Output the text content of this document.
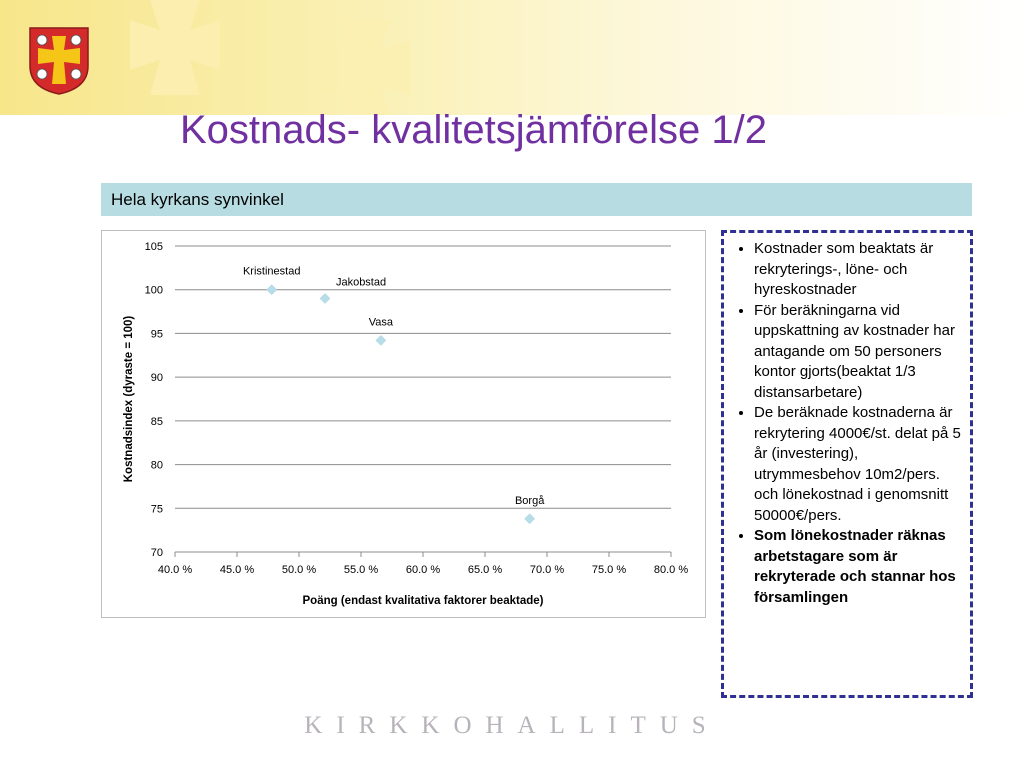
Kostnads- kvalitetsjämförelse 1/2
Hela kyrkans synvinkel
70
75
80
85
90
95
100
105
40.0 %	45.0 %	50.0 %	55.0 %	60.0 %	65.0 %	70.0 %	75.0 %	80.0 %
Poäng (endast kvalitativa faktorer beaktade)
Kostnadsindex (dyraste = 100)
Kristinestad
Jakobstad
Vasa
Borgå
• Kostnader som beaktats är rekryterings-, löne- och hyreskostnader
• För beräkningarna vid uppskattning av kostnader har antagande om 50 personers kontor gjorts(beaktat 1/3 distansarbetare)
• De beräknade kostnaderna är rekrytering 4000€/st. delat på 5 år (investering), utrymmesbehov 10m2/pers. och lönekostnad i genomsnitt 50000€/pers.
• Som lönekostnader räknas arbetstagare som är rekryterade och stannar hos församlingen
KIRKKOHALLITUS
